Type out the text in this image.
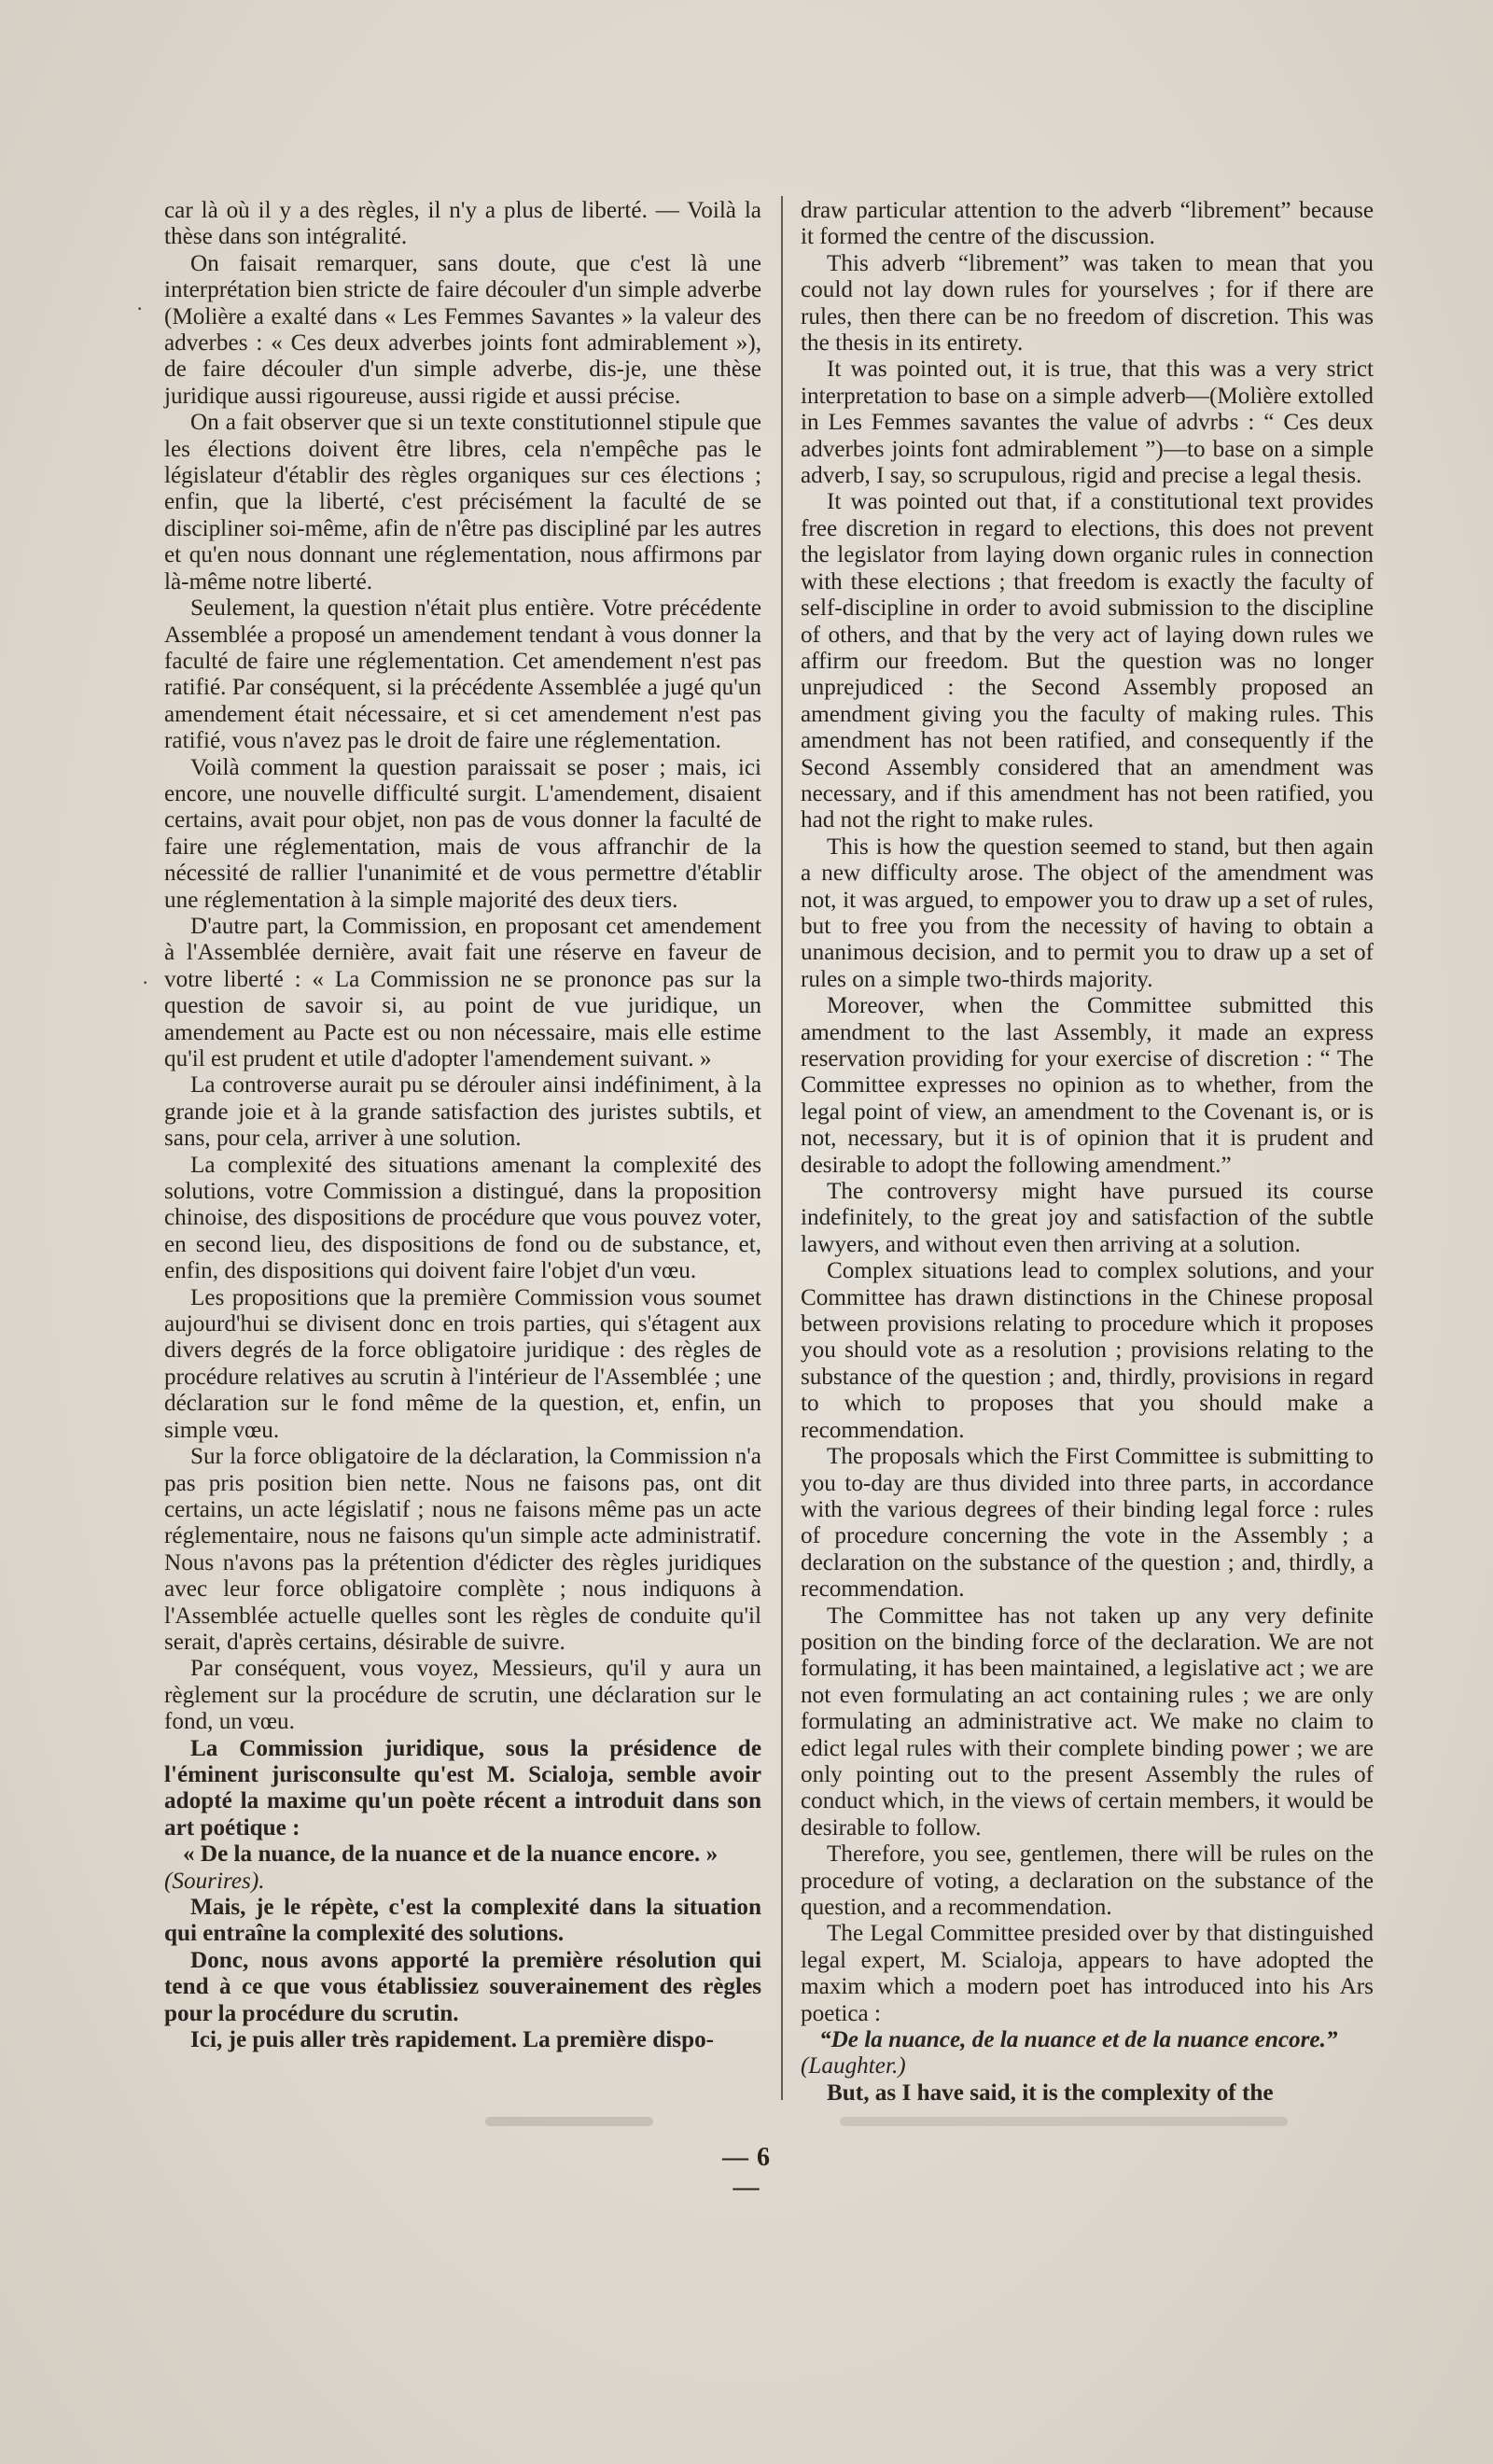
car là où il y a des règles, il n'y a plus de liberté. — Voilà la thèse dans son intégralité.

On faisait remarquer, sans doute, que c'est là une interprétation bien stricte de faire découler d'un simple adverbe (Molière a exalté dans « Les Femmes Savantes » la valeur des adverbes : « Ces deux adverbes joints font admirablement »), de faire découler d'un simple adverbe, dis-je, une thèse juridique aussi rigoureuse, aussi rigide et aussi précise.

On a fait observer que si un texte constitutionnel stipule que les élections doivent être libres, cela n'empêche pas le législateur d'établir des règles organiques sur ces élections ; enfin, que la liberté, c'est précisément la faculté de se discipliner soi-même, afin de n'être pas discipliné par les autres et qu'en nous donnant une réglementation, nous affirmons par là-même notre liberté.

Seulement, la question n'était plus entière. Votre précédente Assemblée a proposé un amendement tendant à vous donner la faculté de faire une réglementation. Cet amendement n'est pas ratifié. Par conséquent, si la précédente Assemblée a jugé qu'un amendement était nécessaire, et si cet amendement n'est pas ratifié, vous n'avez pas le droit de faire une réglementation.

Voilà comment la question paraissait se poser ; mais, ici encore, une nouvelle difficulté surgit. L'amendement, disaient certains, avait pour objet, non pas de vous donner la faculté de faire une réglementation, mais de vous affranchir de la nécessité de rallier l'unanimité et de vous permettre d'établir une réglementation à la simple majorité des deux tiers.

D'autre part, la Commission, en proposant cet amendement à l'Assemblée dernière, avait fait une réserve en faveur de votre liberté : « La Commission ne se prononce pas sur la question de savoir si, au point de vue juridique, un amendement au Pacte est ou non nécessaire, mais elle estime qu'il est prudent et utile d'adopter l'amendement suivant. »

La controverse aurait pu se dérouler ainsi indéfiniment, à la grande joie et à la grande satisfaction des juristes subtils, et sans, pour cela, arriver à une solution.

La complexité des situations amenant la complexité des solutions, votre Commission a distingué, dans la proposition chinoise, des dispositions de procédure que vous pouvez voter, en second lieu, des dispositions de fond ou de substance, et, enfin, des dispositions qui doivent faire l'objet d'un vœu.

Les propositions que la première Commission vous soumet aujourd'hui se divisent donc en trois parties, qui s'étagent aux divers degrés de la force obligatoire juridique : des règles de procédure relatives au scrutin à l'intérieur de l'Assemblée ; une déclaration sur le fond même de la question, et, enfin, un simple vœu.

Sur la force obligatoire de la déclaration, la Commission n'a pas pris position bien nette. Nous ne faisons pas, ont dit certains, un acte législatif ; nous ne faisons même pas un acte réglementaire, nous ne faisons qu'un simple acte administratif. Nous n'avons pas la prétention d'édicter des règles juridiques avec leur force obligatoire complète ; nous indiquons à l'Assemblée actuelle quelles sont les règles de conduite qu'il serait, d'après certains, désirable de suivre.

Par conséquent, vous voyez, Messieurs, qu'il y aura un règlement sur la procédure de scrutin, une déclaration sur le fond, un vœu.

La Commission juridique, sous la présidence de l'éminent jurisconsulte qu'est M. Scialoja, semble avoir adopté la maxime qu'un poète récent a introduit dans son art poétique :

« De la nuance, de la nuance et de la nuance encore. »

(Sourires).

Mais, je le répète, c'est la complexité dans la situation qui entraîne la complexité des solutions.

Donc, nous avons apporté la première résolution qui tend à ce que vous établissiez souverainement des règles pour la procédure du scrutin.

Ici, je puis aller très rapidement. La première dispo-

draw particular attention to the adverb “librement” because it formed the centre of the discussion.

This adverb “librement” was taken to mean that you could not lay down rules for yourselves ; for if there are rules, then there can be no freedom of discretion. This was the thesis in its entirety.

It was pointed out, it is true, that this was a very strict interpretation to base on a simple adverb—(Molière extolled in Les Femmes savantes the value of advrbs : “ Ces deux adverbes joints font admirablement ”)—to base on a simple adverb, I say, so scrupulous, rigid and precise a legal thesis.

It was pointed out that, if a constitutional text provides free discretion in regard to elections, this does not prevent the legislator from laying down organic rules in connection with these elections ; that freedom is exactly the faculty of self-discipline in order to avoid submission to the discipline of others, and that by the very act of laying down rules we affirm our freedom. But the question was no longer unprejudiced : the Second Assembly proposed an amendment giving you the faculty of making rules. This amendment has not been ratified, and consequently if the Second Assembly considered that an amendment was necessary, and if this amendment has not been ratified, you had not the right to make rules.

This is how the question seemed to stand, but then again a new difficulty arose. The object of the amendment was not, it was argued, to empower you to draw up a set of rules, but to free you from the necessity of having to obtain a unanimous decision, and to permit you to draw up a set of rules on a simple two-thirds majority.

Moreover, when the Committee submitted this amendment to the last Assembly, it made an express reservation providing for your exercise of discretion : “ The Committee expresses no opinion as to whether, from the legal point of view, an amendment to the Covenant is, or is not, necessary, but it is of opinion that it is prudent and desirable to adopt the following amendment.”

The controversy might have pursued its course indefinitely, to the great joy and satisfaction of the subtle lawyers, and without even then arriving at a solution.

Complex situations lead to complex solutions, and your Committee has drawn distinctions in the Chinese proposal between provisions relating to procedure which it proposes you should vote as a resolution ; provisions relating to the substance of the question ; and, thirdly, provisions in regard to which to proposes that you should make a recommendation.

The proposals which the First Committee is submitting to you to-day are thus divided into three parts, in accordance with the various degrees of their binding legal force : rules of procedure concerning the vote in the Assembly ; a declaration on the substance of the question ; and, thirdly, a recommendation.

The Committee has not taken up any very definite position on the binding force of the declaration. We are not formulating, it has been maintained, a legislative act ; we are not even formulating an act containing rules ; we are only formulating an administrative act. We make no claim to edict legal rules with their complete binding power ; we are only pointing out to the present Assembly the rules of conduct which, in the views of certain members, it would be desirable to follow.

Therefore, you see, gentlemen, there will be rules on the procedure of voting, a declaration on the substance of the question, and a recommendation.

The Legal Committee presided over by that distinguished legal expert, M. Scialoja, appears to have adopted the maxim which a modern poet has introduced into his Ars poetica :

“De la nuance, de la nuance et de la nuance encore.”

(Laughter.)

But, as I have said, it is the complexity of the

·
·
— 6 —
